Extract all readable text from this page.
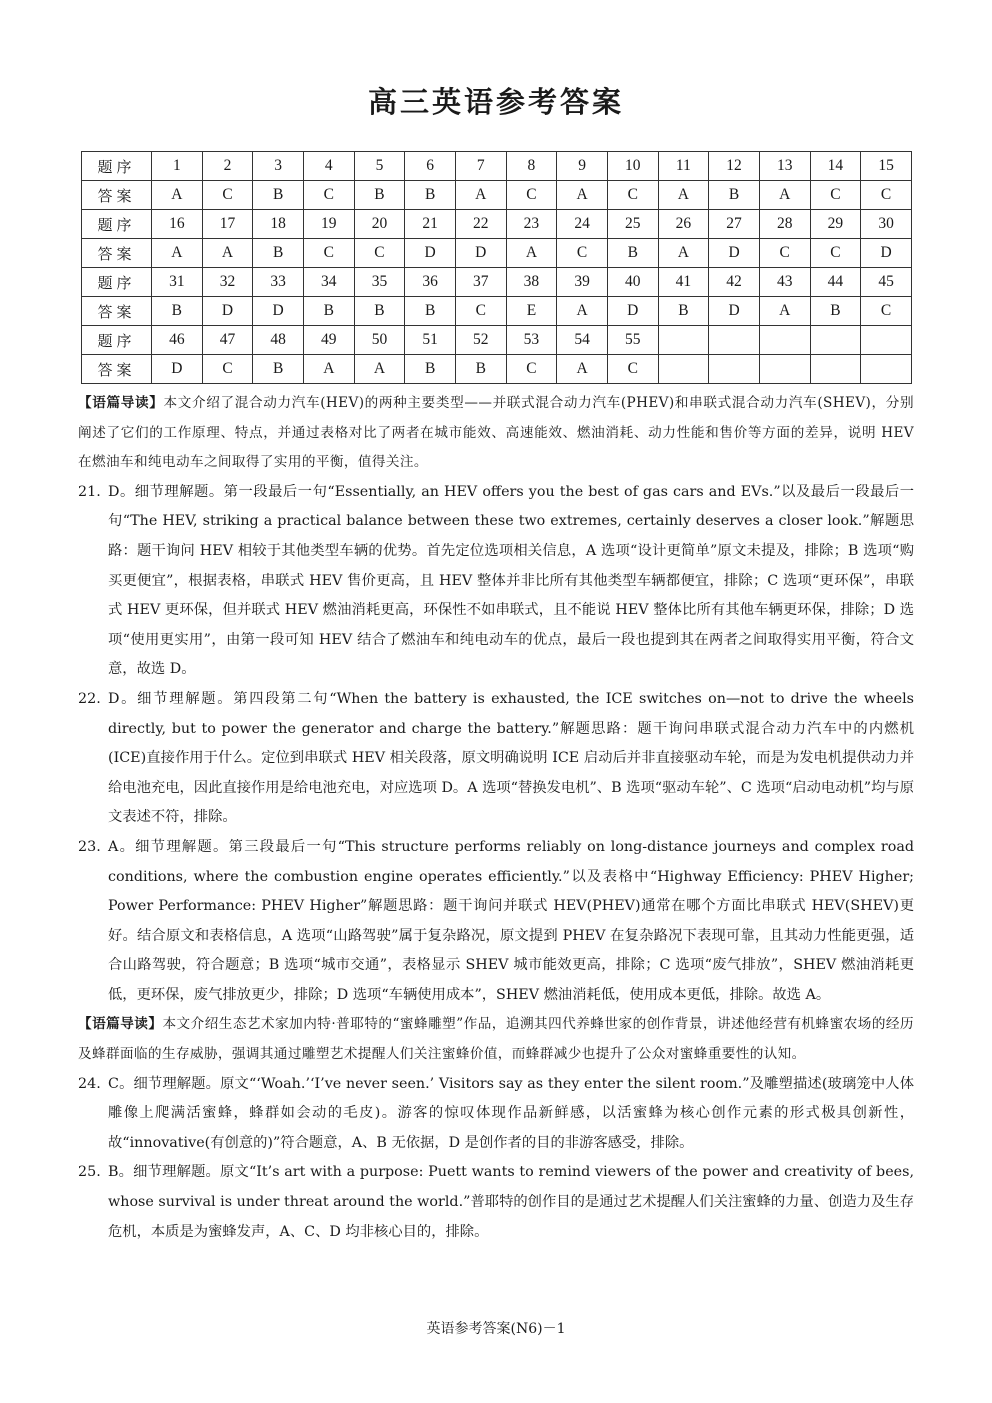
高三英语参考答案
题序	1	2	3	4	5	6	7	8	9	10	11	12	13	14	15
答案	A	C	B	C	B	B	A	C	A	C	A	B	A	C	C
题序	16	17	18	19	20	21	22	23	24	25	26	27	28	29	30
答案	A	A	B	C	C	D	D	A	C	B	A	D	C	C	D
题序	31	32	33	34	35	36	37	38	39	40	41	42	43	44	45
答案	B	D	D	B	B	B	C	E	A	D	B	D	A	B	C
题序	46	47	48	49	50	51	52	53	54	55					
答案	D	C	B	A	A	B	B	C	A	C					

【语篇导读】本文介绍了混合动力汽车(HEV)的两种主要类型——并联式混合动力汽车(PHEV)和串联式混合动力汽车(SHEV)，分别阐述了它们的工作原理、特点，并通过表格对比了两者在城市能效、高速能效、燃油消耗、动力性能和售价等方面的差异，说明 HEV 在燃油车和纯电动车之间取得了实用的平衡，值得关注。

21. D。细节理解题。第一段最后一句“Essentially, an HEV offers you the best of gas cars and EVs.”以及最后一段最后一句“The HEV, striking a practical balance between these two extremes, certainly deserves a closer look.”解题思路：题干询问 HEV 相较于其他类型车辆的优势。首先定位选项相关信息，A 选项“设计更简单”原文未提及，排除；B 选项“购买更便宜”，根据表格，串联式 HEV 售价更高，且 HEV 整体并非比所有其他类型车辆都便宜，排除；C 选项“更环保”，串联式 HEV 更环保，但并联式 HEV 燃油消耗更高，环保性不如串联式，且不能说 HEV 整体比所有其他车辆更环保，排除；D 选项“使用更实用”，由第一段可知 HEV 结合了燃油车和纯电动车的优点，最后一段也提到其在两者之间取得实用平衡，符合文意，故选 D。

22. D。细节理解题。第四段第二句“When the battery is exhausted, the ICE switches on—not to drive the wheels directly, but to power the generator and charge the battery.”解题思路：题干询问串联式混合动力汽车中的内燃机(ICE)直接作用于什么。定位到串联式 HEV 相关段落，原文明确说明 ICE 启动后并非直接驱动车轮，而是为发电机提供动力并给电池充电，因此直接作用是给电池充电，对应选项 D。A 选项“替换发电机”、B 选项“驱动车轮”、C 选项“启动电动机”均与原文表述不符，排除。

23. A。细节理解题。第三段最后一句“This structure performs reliably on long-distance journeys and complex road conditions, where the combustion engine operates efficiently.”以及表格中“Highway Efficiency: PHEV Higher; Power Performance: PHEV Higher”解题思路：题干询问并联式 HEV(PHEV)通常在哪个方面比串联式 HEV(SHEV)更好。结合原文和表格信息，A 选项“山路驾驶”属于复杂路况，原文提到 PHEV 在复杂路况下表现可靠，且其动力性能更强，适合山路驾驶，符合题意；B 选项“城市交通”，表格显示 SHEV 城市能效更高，排除；C 选项“废气排放”，SHEV 燃油消耗更低，更环保，废气排放更少，排除；D 选项“车辆使用成本”，SHEV 燃油消耗低，使用成本更低，排除。故选 A。

【语篇导读】本文介绍生态艺术家加内特·普耶特的“蜜蜂雕塑”作品，追溯其四代养蜂世家的创作背景，讲述他经营有机蜂蜜农场的经历及蜂群面临的生存威胁，强调其通过雕塑艺术提醒人们关注蜜蜂价值，而蜂群减少也提升了公众对蜜蜂重要性的认知。

24. C。细节理解题。原文“‘Woah.’‘I’ve never seen.’ Visitors say as they enter the silent room.”及雕塑描述(玻璃笼中人体雕像上爬满活蜜蜂，蜂群如会动的毛皮)。游客的惊叹体现作品新鲜感，以活蜜蜂为核心创作元素的形式极具创新性，故“innovative(有创意的)”符合题意，A、B 无依据，D 是创作者的目的非游客感受，排除。

25. B。细节理解题。原文“It’s art with a purpose: Puett wants to remind viewers of the power and creativity of bees, whose survival is under threat around the world.”普耶特的创作目的是通过艺术提醒人们关注蜜蜂的力量、创造力及生存危机，本质是为蜜蜂发声，A、C、D 均非核心目的，排除。

英语参考答案(N6)－1
